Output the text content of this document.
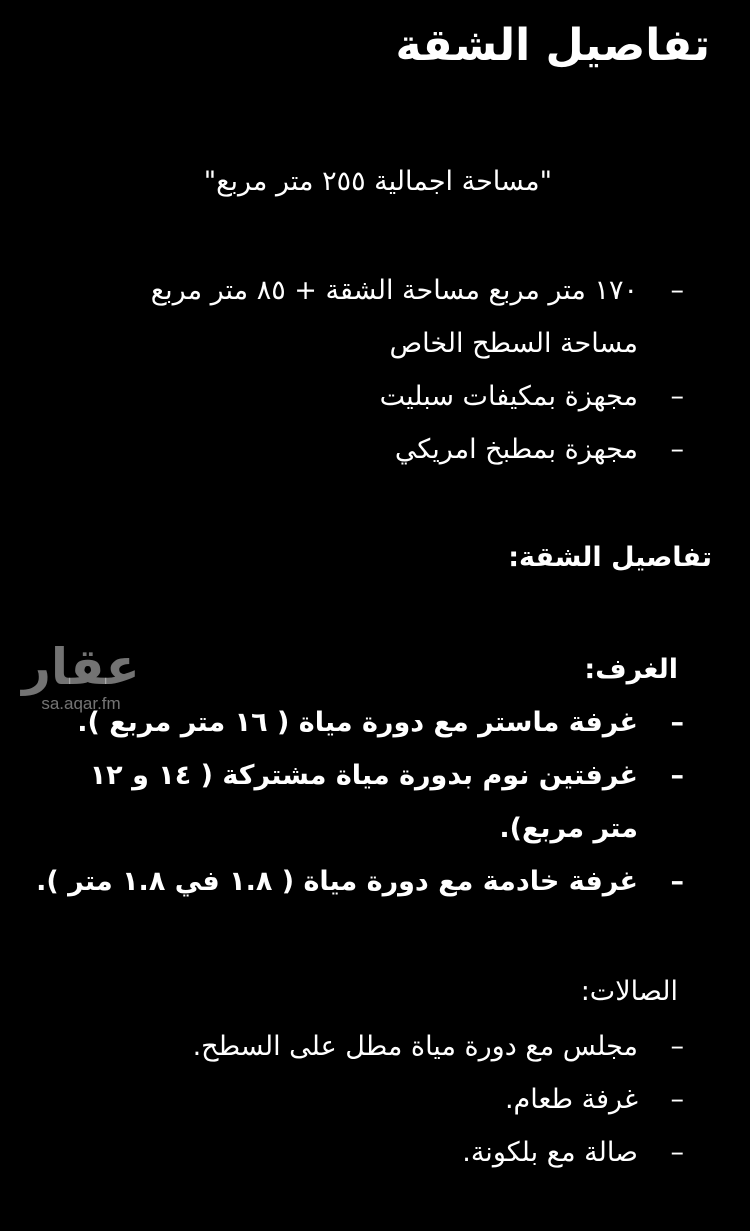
تفاصيل الشقة
"مساحة اجمالية ٢٥٥ متر مربع"
–
١٧٠ متر مربع مساحة الشقة + ٨٥ متر مربع مساحة السطح الخاص
–
مجهزة بمكيفات سبليت
–
مجهزة بمطبخ امريكي
تفاصيل الشقة:
الغرف:
–
غرفة ماستر مع دورة مياة ( ١٦ متر مربع ).
–
غرفتين نوم بدورة مياة مشتركة ( ١٤ و ١٢ متر مربع).
–
غرفة خادمة مع دورة مياة ( ١.٨ في ١.٨ متر ).
الصالات:
–
مجلس مع دورة مياة مطل على السطح.
–
غرفة طعام.
–
صالة مع بلكونة.
عقار
sa.aqar.fm
